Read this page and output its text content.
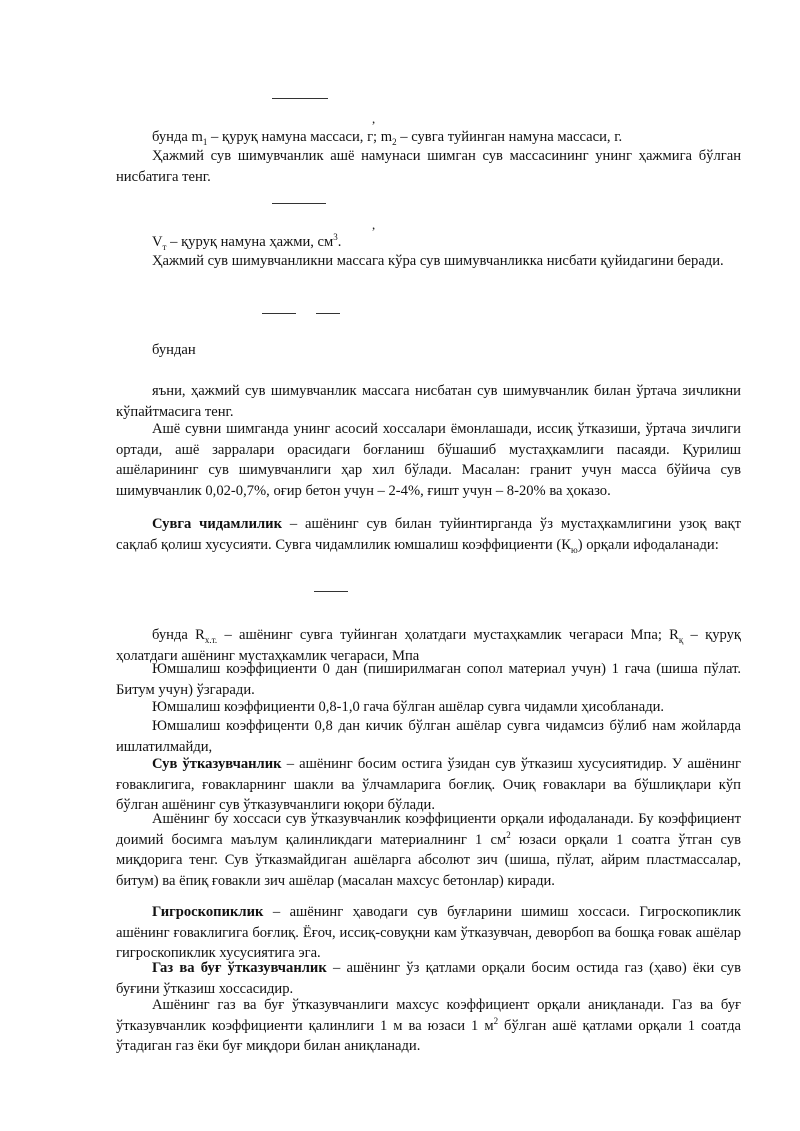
,

бунда $m_1$ – қуруқ намуна массаси, г; $m_2$ – сувга туйинган намуна массаси, г.

Ҳажмий сув шимувчанлик ашё намунаси шимган сув массасининг унинг ҳажмига бўлган нисбатига тенг.

,

$V_т$ – қуруқ намуна ҳажми, $см^3$.

Ҳажмий сув шимувчанликни массага кўра сув шимувчанликка нисбати қуйидагини беради.

бундан

яъни, ҳажмий сув шимувчанлик массага нисбатан сув шимувчанлик билан ўртача зичликни кўпайтмасига тенг.

Ашё сувни шимганда унинг асосий хоссалари ёмонлашади, иссиқ ўтказиши, ўртача зичлиги ортади, ашё зарралари орасидаги боғланиш бўшашиб мустаҳкамлиги пасаяди. Қурилиш ашёларининг сув шимувчанлиги ҳар хил бўлади. Масалан: гранит учун масса бўйича сув шимувчанлик 0,02-0,7%, оғир бетон учун – 2-4%, ғишт учун – 8-20% ва ҳоказо.

Сувга чидамлилик – ашёнинг сув билан туйинтирганда ўз мустаҳкамлигини узоқ вақт сақлаб қолиш хусусияти. Сувга чидамлилик юмшалиш коэффициенти $(К_ю)$ орқали ифодаланади:

бунда $R_{х.т.}$ – ашёнинг сувга туйинган ҳолатдаги мустаҳкамлик чегараси Мпа; $R_қ$ – қуруқ ҳолатдаги ашёнинг мустаҳкамлик чегараси, Мпа

Юмшалиш коэффициенти 0 дан (пиширилмаган сопол материал учун) 1 гача (шиша пўлат. Битум учун) ўзгаради.

Юмшалиш коэффициенти 0,8-1,0 гача бўлган ашёлар сувга чидамли ҳисобланади.

Юмшалиш коэффиценти 0,8 дан кичик бўлган ашёлар сувга чидамсиз бўлиб нам жойларда ишлатилмайди,

Сув ўтказувчанлик – ашёнинг босим остига ўзидан сув ўтказиш хусусиятидир. У ашёнинг ғоваклигига, ғовакларнинг шакли ва ўлчамларига боғлиқ. Очиқ ғовaклари ва бўшлиқлари кўп бўлган ашёнинг сув ўтказувчанлиги юқори бўлади.

Ашёнинг бу хоссаси сув ўтказувчанлик коэффициенти орқали ифодаланади. Бу коэффициент доимий босимга маълум қалинликдаги материалнинг 1 $см^2$ юзаси орқали 1 соатга ўтган сув миқдорига тенг. Сув ўтказмайдиган ашёларга абсолют зич (шиша, пўлат, айрим пластмассалар, битум) ва ёпиқ ғовакли зич ашёлар (масалан махсус бетонлар) киради.

Гигроскопиклик – ашёнинг ҳаводаги сув буғларини шимиш хоссаси. Гигроскопиклик ашёнинг ғоваклигига боғлиқ. Ёғоч, иссиқ-совуқни кам ўтказувчан, деворбоп ва бошқа ғовак ашёлар гигроскопиклик хусусиятига эга.

Газ ва буғ ўтказувчанлик – ашёнинг ўз қатлами орқали босим остида газ (ҳаво) ёки сув буғини ўтказиш хоссасидир.

Ашёнинг газ ва буғ ўтказувчанлиги махсус коэффициент орқали аниқланади. Газ ва буғ ўтказувчанлик коэффициенти қалинлиги 1 м ва юзаси 1 $м^2$ бўлган ашё қатлами орқали 1 соатда ўтадиган газ ёки буғ миқдори билан аниқланади.
